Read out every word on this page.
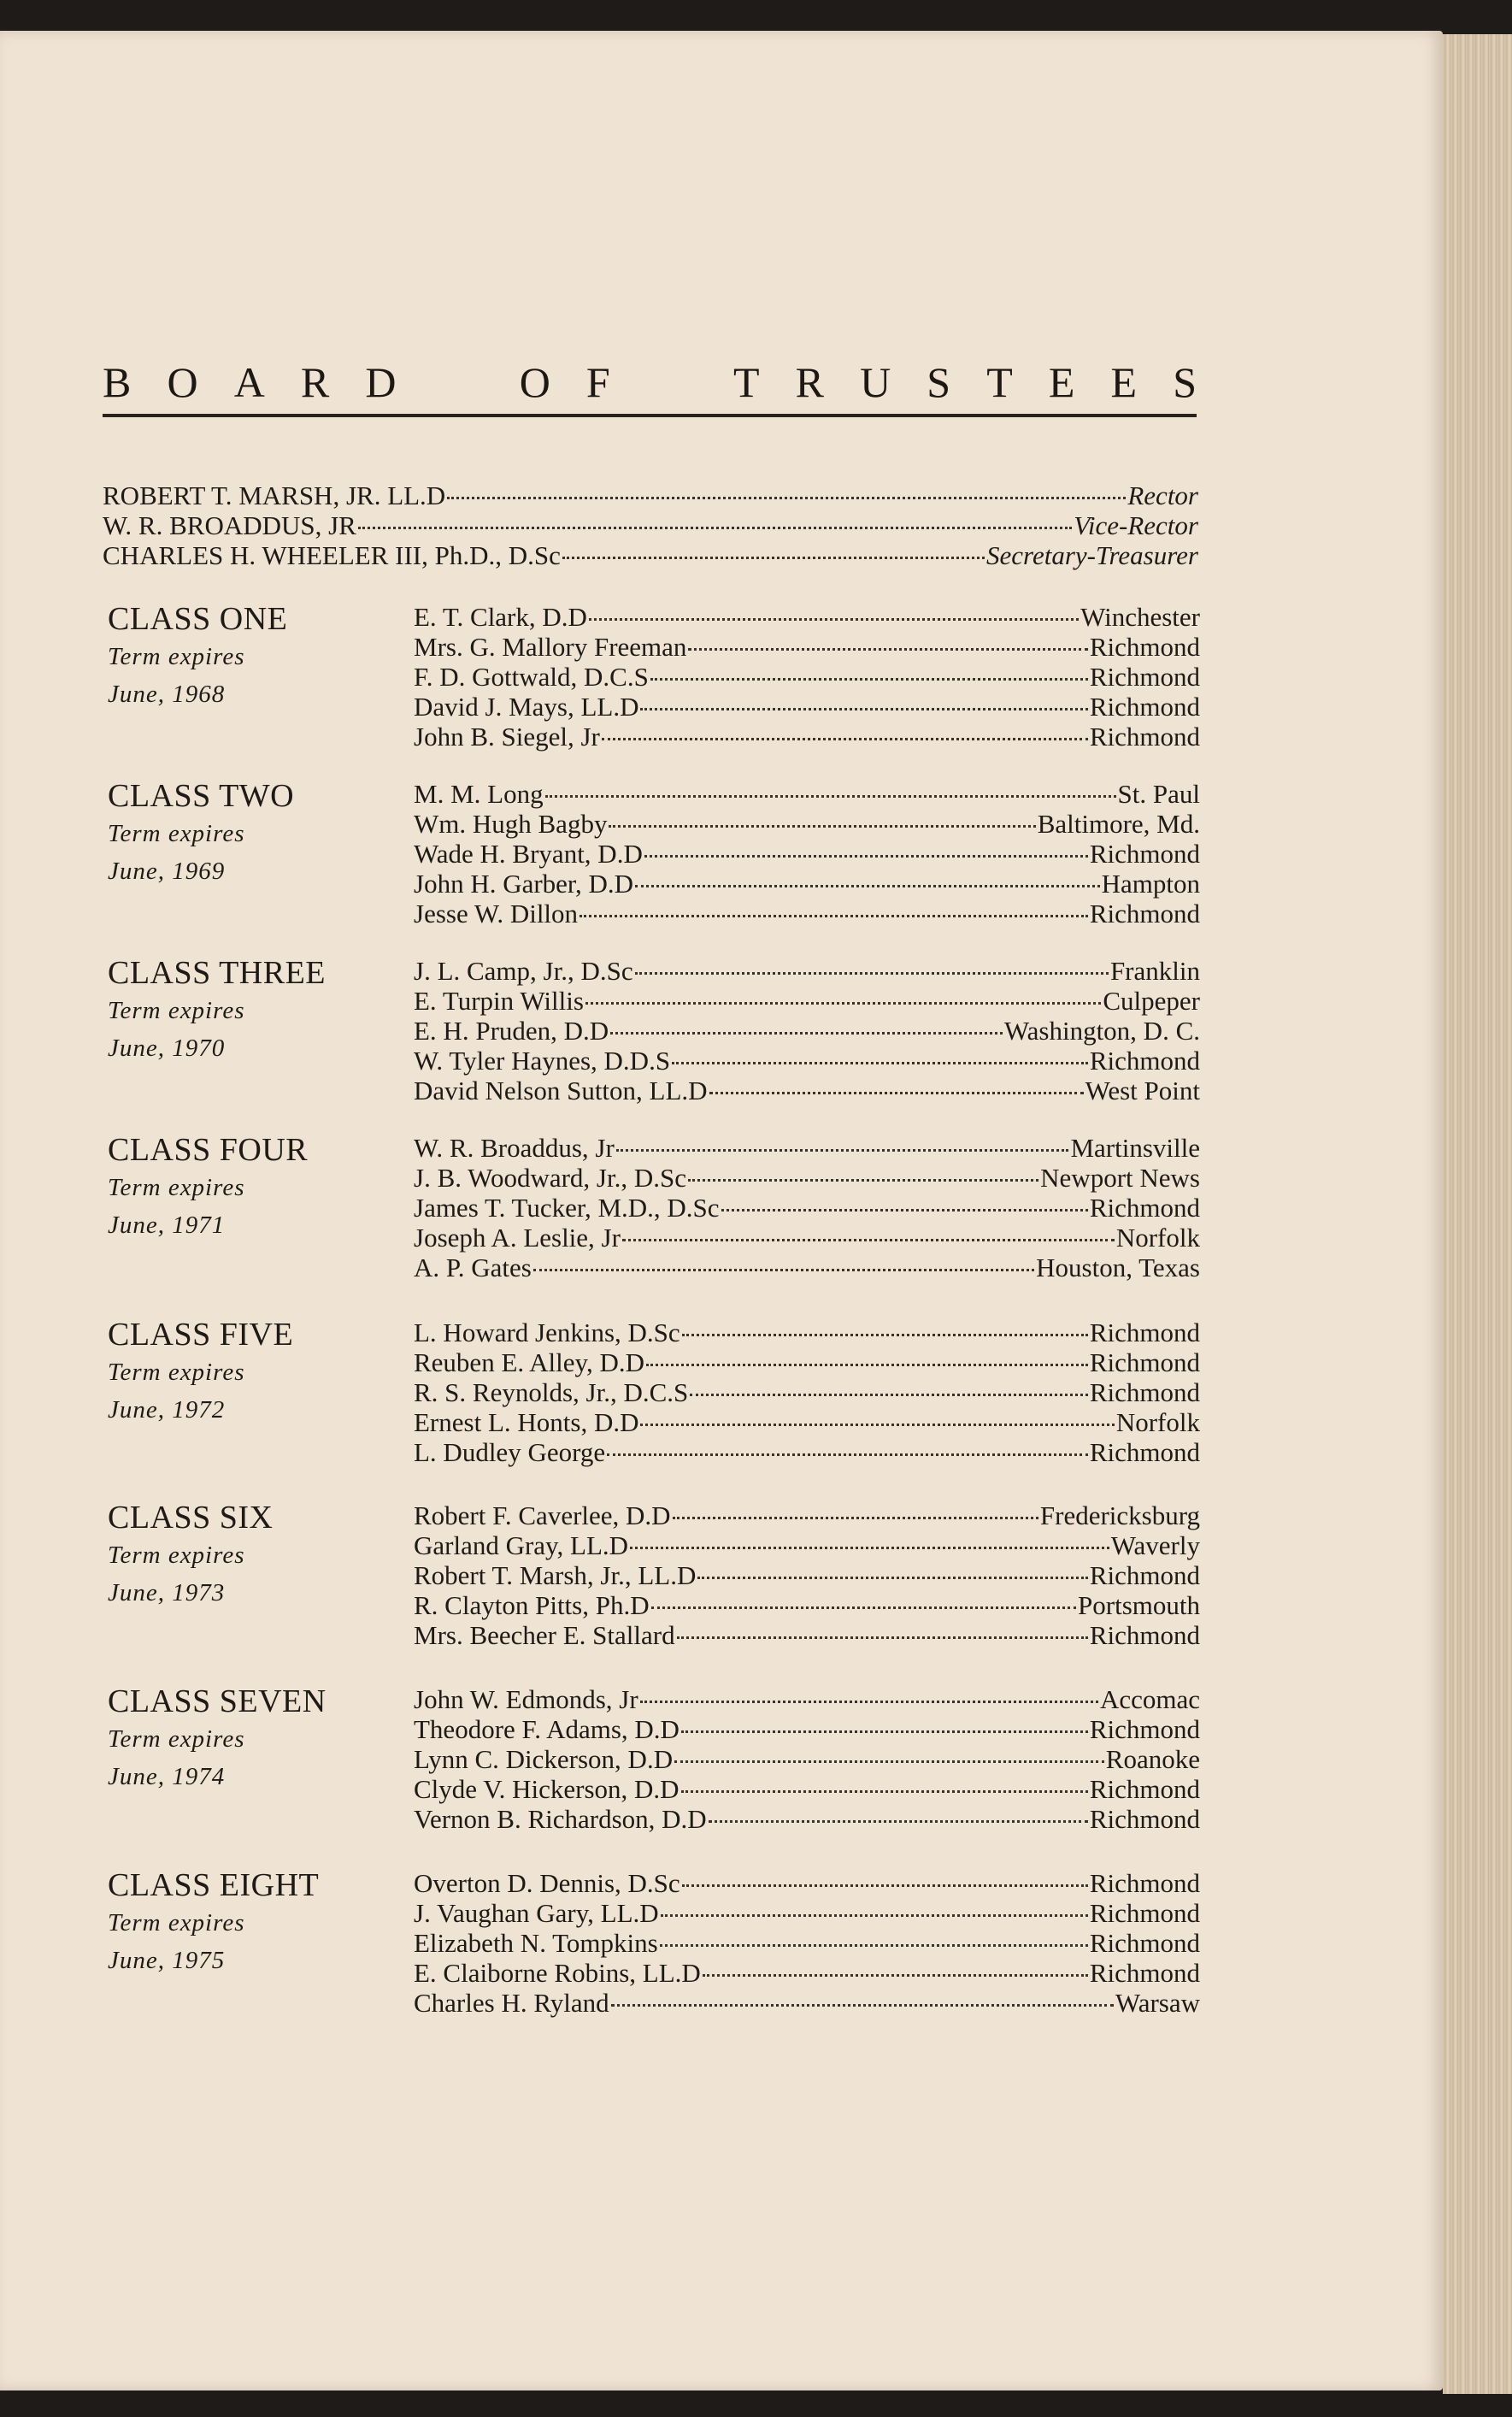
B O A R D	O F	T R U S T E E S
ROBERT T. MARSH, JR. LL.D	Rector
W. R. BROADDUS, JR	Vice-Rector
CHARLES H. WHEELER III, Ph.D., D.Sc	Secretary-Treasurer
CLASS ONE
Term expires
June, 1968
E. T. Clark, D.D	Winchester
Mrs. G. Mallory Freeman	Richmond
F. D. Gottwald, D.C.S	Richmond
David J. Mays, LL.D	Richmond
John B. Siegel, Jr	Richmond
CLASS TWO
Term expires
June, 1969
M. M. Long	St. Paul
Wm. Hugh Bagby	Baltimore, Md.
Wade H. Bryant, D.D	Richmond
John H. Garber, D.D	Hampton
Jesse W. Dillon	Richmond
CLASS THREE
Term expires
June, 1970
J. L. Camp, Jr., D.Sc	Franklin
E. Turpin Willis	Culpeper
E. H. Pruden, D.D	Washington, D. C.
W. Tyler Haynes, D.D.S	Richmond
David Nelson Sutton, LL.D	West Point
CLASS FOUR
Term expires
June, 1971
W. R. Broaddus, Jr	Martinsville
J. B. Woodward, Jr., D.Sc	Newport News
James T. Tucker, M.D., D.Sc	Richmond
Joseph A. Leslie, Jr	Norfolk
A. P. Gates	Houston, Texas
CLASS FIVE
Term expires
June, 1972
L. Howard Jenkins, D.Sc	Richmond
Reuben E. Alley, D.D	Richmond
R. S. Reynolds, Jr., D.C.S	Richmond
Ernest L. Honts, D.D	Norfolk
L. Dudley George	Richmond
CLASS SIX
Term expires
June, 1973
Robert F. Caverlee, D.D	Fredericksburg
Garland Gray, LL.D	Waverly
Robert T. Marsh, Jr., LL.D	Richmond
R. Clayton Pitts, Ph.D	Portsmouth
Mrs. Beecher E. Stallard	Richmond
CLASS SEVEN
Term expires
June, 1974
John W. Edmonds, Jr	Accomac
Theodore F. Adams, D.D	Richmond
Lynn C. Dickerson, D.D	Roanoke
Clyde V. Hickerson, D.D	Richmond
Vernon B. Richardson, D.D	Richmond
CLASS EIGHT
Term expires
June, 1975
Overton D. Dennis, D.Sc	Richmond
J. Vaughan Gary, LL.D	Richmond
Elizabeth N. Tompkins	Richmond
E. Claiborne Robins, LL.D	Richmond
Charles H. Ryland	Warsaw
